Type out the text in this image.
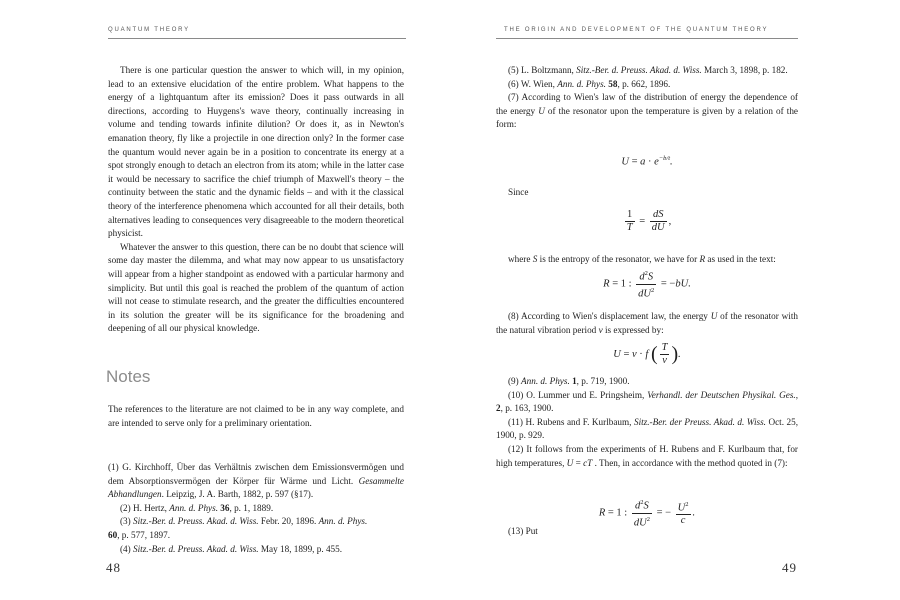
QUANTUM THEORY

There is one particular question the answer to which will, in my opinion, lead to an extensive elucidation of the entire problem. What happens to the energy of a lightquantum after its emission? Does it pass outwards in all directions, according to Huygens's wave theory, continually increasing in volume and tending towards infinite dilution? Or does it, as in Newton's emanation theory, fly like a projectile in one direction only? In the former case the quantum would never again be in a position to concentrate its energy at a spot strongly enough to detach an electron from its atom; while in the latter case it would be necessary to sacrifice the chief triumph of Maxwell's theory – the continuity between the static and the dynamic fields – and with it the classical theory of the interference phenomena which accounted for all their details, both alternatives leading to consequences very disagreeable to the modern theoretical physicist.

Whatever the answer to this question, there can be no doubt that science will some day master the dilemma, and what may now appear to us unsatisfactory will appear from a higher standpoint as endowed with a particular harmony and simplicity. But until this goal is reached the problem of the quantum of action will not cease to stimulate research, and the greater the difficulties encountered in its solution the greater will be its significance for the broadening and deepening of all our physical knowledge.

Notes

The references to the literature are not claimed to be in any way complete, and are intended to serve only for a preliminary orientation.

(1) G. Kirchhoff, Über das Verhältnis zwischen dem Emissionsvermögen und dem Absorptionsvermögen der Körper für Wärme und Licht. Gesammelte Abhandlungen. Leipzig, J. A. Barth, 1882, p. 597 (§17).

(2) H. Hertz, Ann. d. Phys. 36, p. 1, 1889.

(3) Sitz.-Ber. d. Preuss. Akad. d. Wiss. Febr. 20, 1896. Ann. d. Phys.
60, p. 577, 1897.

(4) Sitz.-Ber. d. Preuss. Akad. d. Wiss. May 18, 1899, p. 455.

48
THE ORIGIN AND DEVELOPMENT OF THE QUANTUM THEORY

(5) L. Boltzmann, Sitz.-Ber. d. Preuss. Akad. d. Wiss. March 3, 1898, p. 182.

(6) W. Wien, Ann. d. Phys. 58, p. 662, 1896.

(7) According to Wien's law of the distribution of energy the dependence of the energy U of the resonator upon the temperature is given by a relation of the form:

$U = a \cdot e^{-b/t}$.

Since

$\frac{1}{T} = \frac{dS}{dU}$ ,

where S is the entropy of the resonator, we have for R as used in the text:

R = 1 : $\frac{d^2S}{dU^2} = -bU$.

(8) According to Wien's displacement law, the energy U of the resonator with the natural vibration period ν is expressed by:

U = ν · f ( $\frac{T}{\nu}$ ).

(9) Ann. d. Phys. 1, p. 719, 1900.

(10) O. Lummer und E. Pringsheim, Verhandl. der Deutschen Physikal. Ges., 2, p. 163, 1900.

(11) H. Rubens and F. Kurlbaum, Sitz.-Ber. der Preuss. Akad. d. Wiss. Oct. 25, 1900, p. 929.

(12) It follows from the experiments of H. Rubens and F. Kurlbaum that, for high temperatures, U = cT . Then, in accordance with the method quoted in (7):

R = 1 : $\frac{d^2S}{dU^2}$ = − $\frac{U^2}{c}$ .

(13) Put

49
